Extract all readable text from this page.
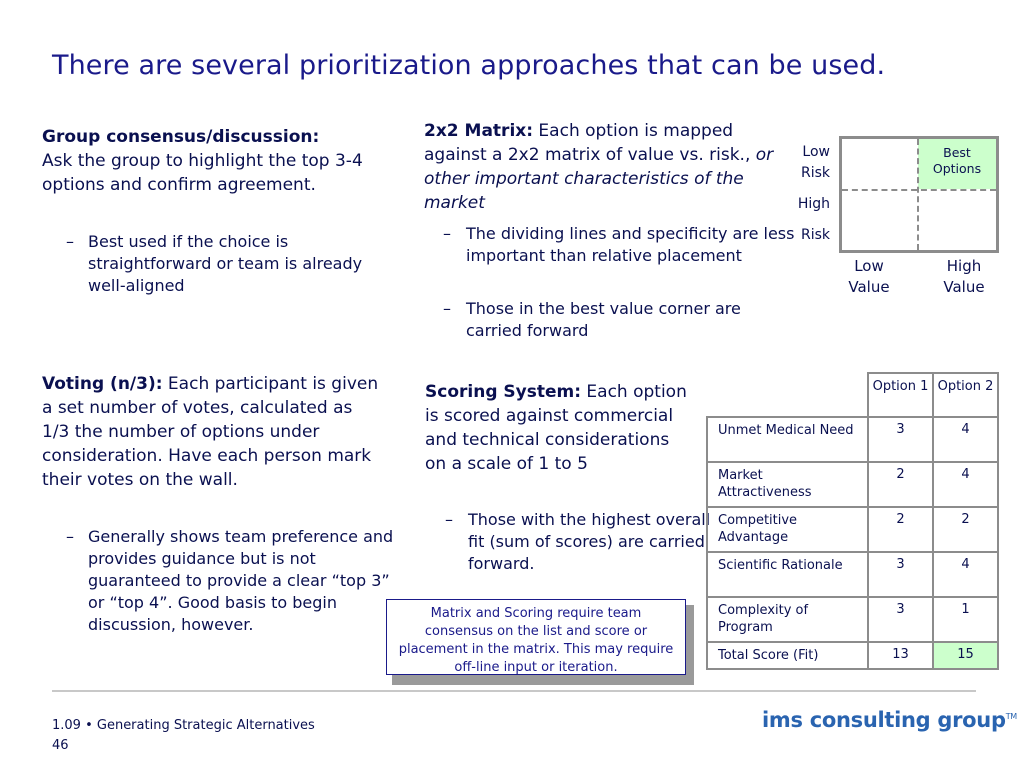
There are several prioritization approaches that can be used.
Group consensus/discussion:
Ask the group to highlight the top 3-4 options and confirm agreement.
– Best used if the choice is straightforward or team is already well-aligned
2x2 Matrix: Each option is mapped against a 2x2 matrix of value vs. risk., or other important characteristics of the market
– The dividing lines and specificity are less important than relative placement
– Those in the best value corner are carried forward
Low Risk
High
Risk
Best Options
Low Value
High Value
Voting (n/3): Each participant is given a set number of votes, calculated as 1/3 the number of options under consideration. Have each person mark their votes on the wall.
– Generally shows team preference and provides guidance but is not guaranteed to provide a clear “top 3” or “top 4”. Good basis to begin discussion, however.
Scoring System: Each option is scored against commercial and technical considerations on a scale of 1 to 5
– Those with the highest overall fit (sum of scores) are carried forward.
	Option 1	Option 2
Unmet Medical Need	3	4
Market Attractiveness	2	4
Competitive Advantage	2	2
Scientific Rationale	3	4
Complexity of Program	3	1
Total Score (Fit)	13	15
Matrix and Scoring require team consensus on the list and score or placement in the matrix. This may require off-line input or iteration.
1.09 • Generating Strategic Alternatives
46
ims consulting group™
